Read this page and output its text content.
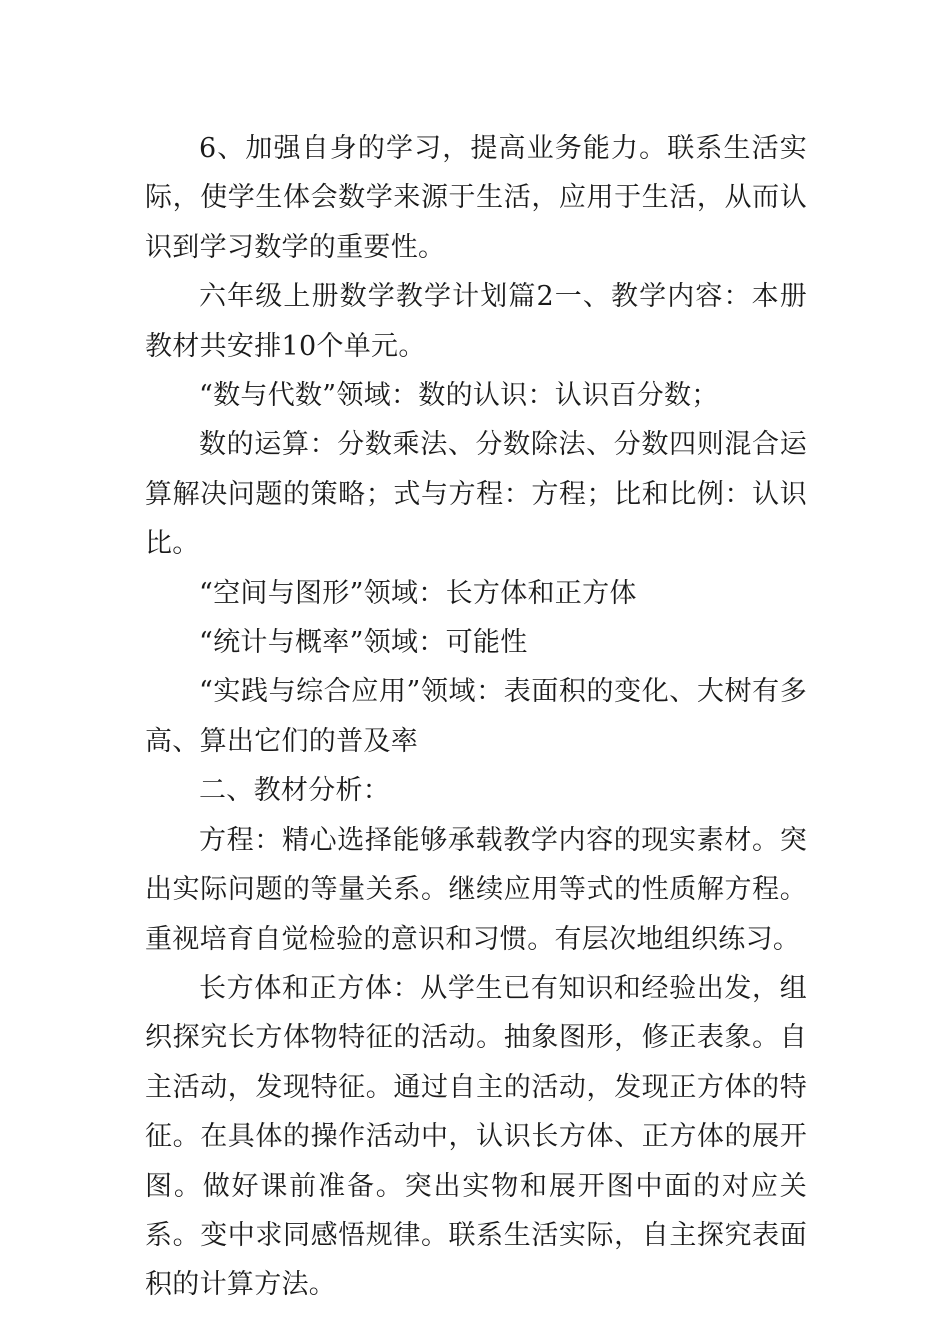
6、加强自身的学习，提高业务能力。联系生活实际，使学生体会数学来源于生活，应用于生活，从而认识到学习数学的重要性。

六年级上册数学教学计划篇2一、教学内容：本册教材共安排10个单元。

“数与代数”领域：数的认识：认识百分数；

数的运算：分数乘法、分数除法、分数四则混合运算解决问题的策略；式与方程：方程；比和比例：认识比。

“空间与图形”领域：长方体和正方体

“统计与概率”领域：可能性

“实践与综合应用”领域：表面积的变化、大树有多高、算出它们的普及率

二、教材分析：

方程：精心选择能够承载教学内容的现实素材。突出实际问题的等量关系。继续应用等式的性质解方程。重视培育自觉检验的意识和习惯。有层次地组织练习。

长方体和正方体：从学生已有知识和经验出发，组织探究长方体物特征的活动。抽象图形，修正表象。自主活动，发现特征。通过自主的活动，发现正方体的特征。在具体的操作活动中，认识长方体、正方体的展开图。做好课前准备。突出实物和展开图中面的对应关系。变中求同感悟规律。联系生活实际，自主探究表面积的计算方法。
